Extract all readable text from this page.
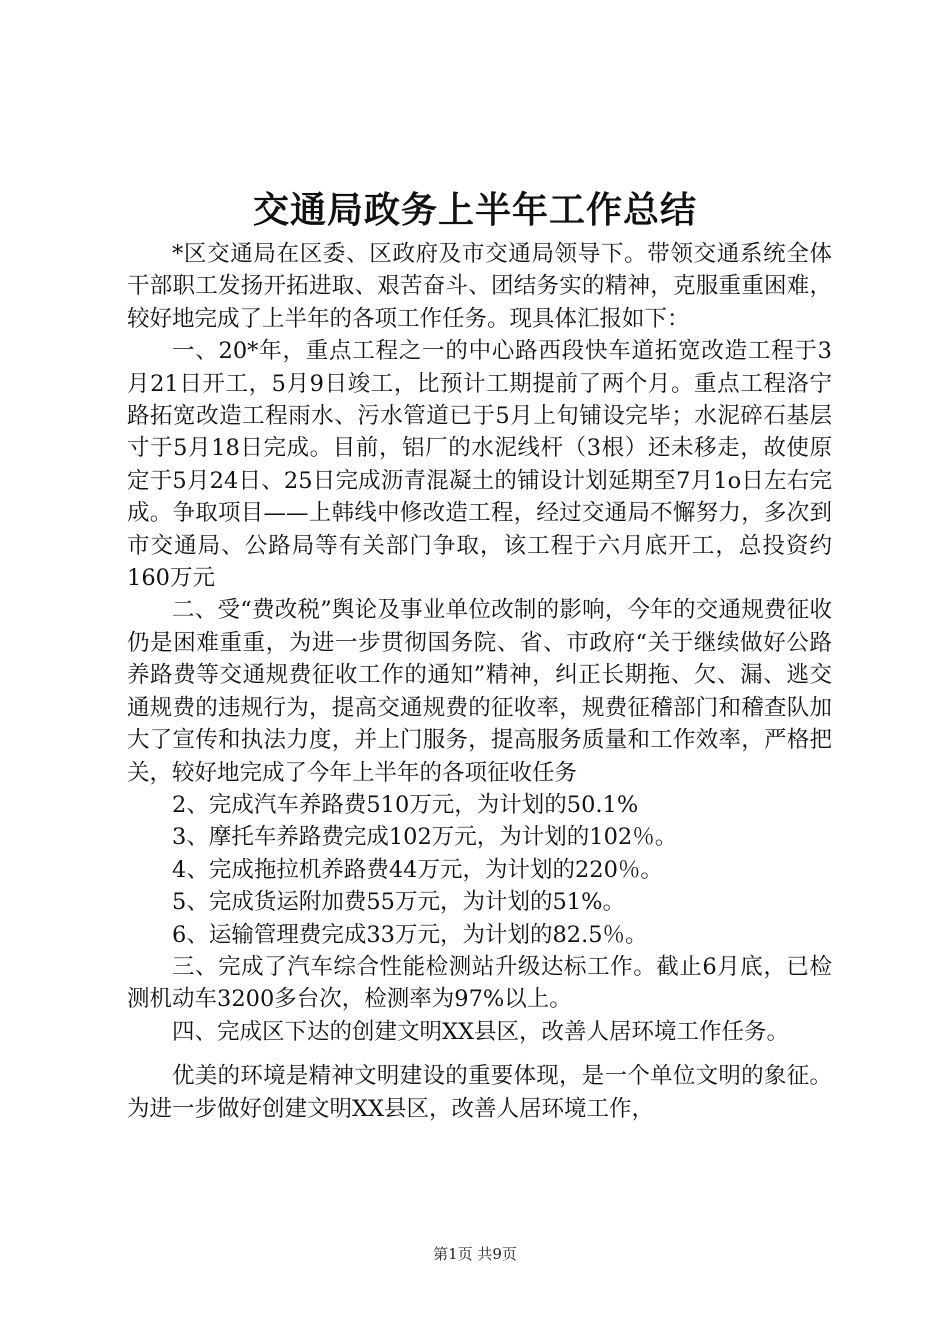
交通局政务上半年工作总结

*区交通局在区委、区政府及市交通局领导下。带领交通系统全体干部职工发扬开拓进取、艰苦奋斗、团结务实的精神，克服重重困难，较好地完成了上半年的各项工作任务。现具体汇报如下：

一、20*年，重点工程之一的中心路西段快车道拓宽改造工程于3月21日开工，5月9日竣工，比预计工期提前了两个月。重点工程洛宁路拓宽改造工程雨水、污水管道已于5月上旬铺设完毕；水泥碎石基层寸于5月18日完成。目前，铝厂的水泥线杆（3根）还未移走，故使原定于5月24日、25日完成沥青混凝土的铺设计划延期至7月1o日左右完成。争取项目——上韩线中修改造工程，经过交通局不懈努力，多次到市交通局、公路局等有关部门争取，该工程于六月底开工，总投资约160万元

二、受“费改税”舆论及事业单位改制的影响，今年的交通规费征收仍是困难重重，为进一步贯彻国务院、省、市政府“关于继续做好公路养路费等交通规费征收工作的通知”精神，纠正长期拖、欠、漏、逃交通规费的违规行为，提高交通规费的征收率，规费征稽部门和稽查队加大了宣传和执法力度，并上门服务，提高服务质量和工作效率，严格把关，较好地完成了今年上半年的各项征收任务

2、完成汽车养路费510万元，为计划的50.1%

3、摩托车养路费完成102万元，为计划的102％。

4、完成拖拉机养路费44万元，为计划的220％。

5、完成货运附加费55万元，为计划的51%。

6、运输管理费完成33万元，为计划的82.5％。

三、完成了汽车综合性能检测站升级达标工作。截止6月底，已检测机动车3200多台次，检测率为97%以上。

四、完成区下达的创建文明XX县区，改善人居环境工作任务。

优美的环境是精神文明建设的重要体现，是一个单位文明的象征。为进一步做好创建文明XX县区，改善人居环境工作，

第1页 共9页
